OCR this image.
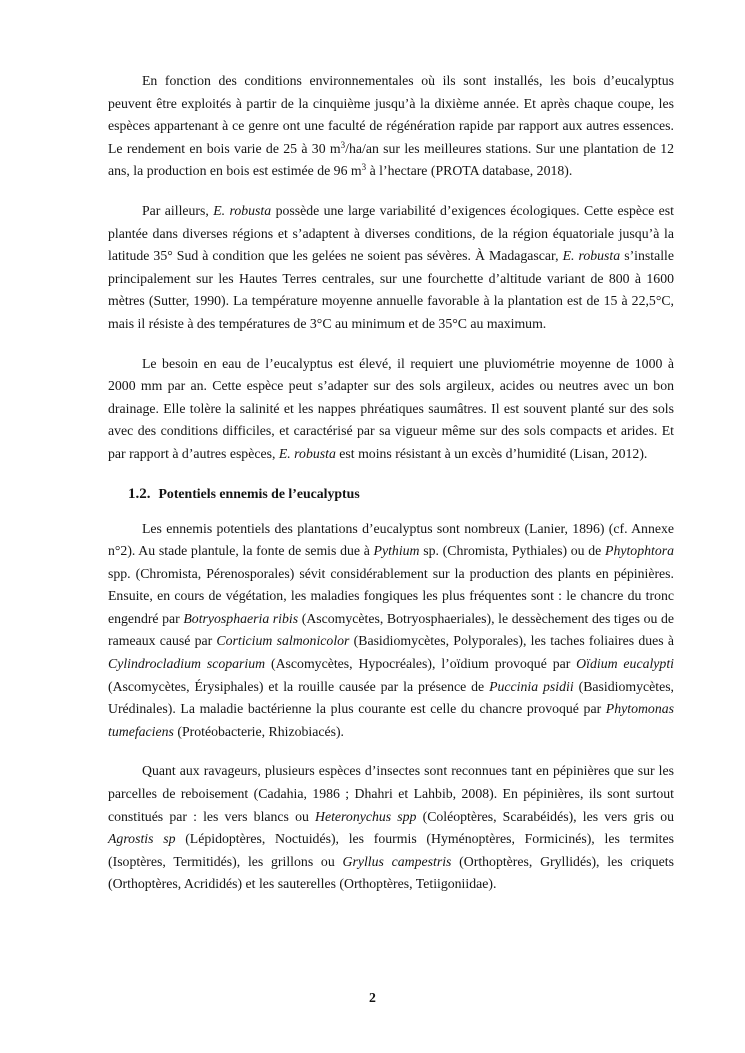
En fonction des conditions environnementales où ils sont installés, les bois d’eucalyptus peuvent être exploités à partir de la cinquième jusqu’à la dixième année. Et après chaque coupe, les espèces appartenant à ce genre ont une faculté de régénération rapide par rapport aux autres essences. Le rendement en bois varie de 25 à 30 $m^3/ha/an$ sur les meilleures stations. Sur une plantation de 12 ans, la production en bois est estimée de 96 $m^3$ à l’hectare (PROTA database, 2018).

Par ailleurs, E. robusta possède une large variabilité d’exigences écologiques. Cette espèce est plantée dans diverses régions et s’adaptent à diverses conditions, de la région équatoriale jusqu’à la latitude 35° Sud à condition que les gelées ne soient pas sévères. À Madagascar, E. robusta s’installe principalement sur les Hautes Terres centrales, sur une fourchette d’altitude variant de 800 à 1600 mètres (Sutter, 1990). La température moyenne annuelle favorable à la plantation est de 15 à 22,5°C, mais il résiste à des températures de 3°C au minimum et de 35°C au maximum.

Le besoin en eau de l’eucalyptus est élevé, il requiert une pluviométrie moyenne de 1000 à 2000 mm par an. Cette espèce peut s’adapter sur des sols argileux, acides ou neutres avec un bon drainage. Elle tolère la salinité et les nappes phréatiques saumâtres. Il est souvent planté sur des sols avec des conditions difficiles, et caractérisé par sa vigueur même sur des sols compacts et arides. Et par rapport à d’autres espèces, E. robusta est moins résistant à un excès d’humidité (Lisan, 2012).

1.2. Potentiels ennemis de l’eucalyptus

Les ennemis potentiels des plantations d’eucalyptus sont nombreux (Lanier, 1896) (cf. Annexe n°2). Au stade plantule, la fonte de semis due à Pythium sp. (Chromista, Pythiales) ou de Phytophtora spp. (Chromista, Pérenosporales) sévit considérablement sur la production des plants en pépinières. Ensuite, en cours de végétation, les maladies fongiques les plus fréquentes sont : le chancre du tronc engendré par Botryosphaeria ribis (Ascomycètes, Botryosphaeriales), le dessèchement des tiges ou de rameaux causé par Corticium salmonicolor (Basidiomycètes, Polyporales), les taches foliaires dues à Cylindrocladium scoparium (Ascomycètes, Hypocréales), l’oïdium provoqué par Oïdium eucalypti (Ascomycètes, Érysiphales) et la rouille causée par la présence de Puccinia psidii (Basidiomycètes, Urédinales). La maladie bactérienne la plus courante est celle du chancre provoqué par Phytomonas tumefaciens (Protéobacterie, Rhizobiacés).

Quant aux ravageurs, plusieurs espèces d’insectes sont reconnues tant en pépinières que sur les parcelles de reboisement (Cadahia, 1986 ; Dhahri et Lahbib, 2008). En pépinières, ils sont surtout constitués par : les vers blancs ou Heteronychus spp (Coléoptères, Scarabéidés), les vers gris ou Agrostis sp (Lépidoptères, Noctuidés), les fourmis (Hyménoptères, Formicinés), les termites (Isoptères, Termitidés), les grillons ou Gryllus campestris (Orthoptères, Gryllidés), les criquets (Orthoptères, Acrididés) et les sauterelles (Orthoptères, Tetiigoniidae).

2
